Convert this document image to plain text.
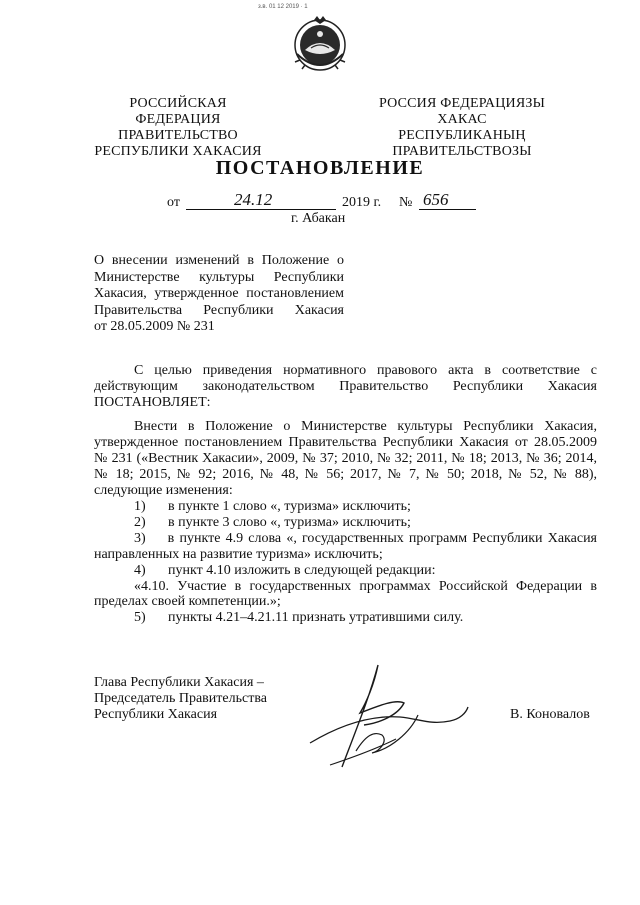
з.в. 01 12 2019 · 1
РОССИЙСКАЯ ФЕДЕРАЦИЯ
ПРАВИТЕЛЬСТВО
РЕСПУБЛИКИ ХАКАСИЯ
РОССИЯ ФЕДЕРАЦИЯЗЫ
ХАКАС РЕСПУБЛИКАНЫҢ
ПРАВИТЕЛЬСТВОЗЫ
ПОСТАНОВЛЕНИЕ
от	24.12	2019 г. № 656
г. Абакан
О внесении изменений в Положение о
Министерстве культуры Республики
Хакасия, утвержденное постановлением
Правительства Республики Хакасия
от 28.05.2009 № 231
С целью приведения нормативного правового акта в соответствие с действующим законодательством Правительство Республики Хакасия ПОСТАНОВЛЯЕТ:
Внести в Положение о Министерстве культуры Республики Хакасия, утвержденное постановлением Правительства Республики Хакасия от 28.05.2009 № 231 («Вестник Хакасии», 2009, № 37; 2010, № 32; 2011, № 18; 2013, № 36; 2014, № 18; 2015, № 92; 2016, № 48, № 56; 2017, № 7, № 50; 2018, № 52, № 88), следующие изменения:
1)	в пункте 1 слово «, туризма» исключить;
2)	в пункте 3 слово «, туризма» исключить;
3) в пункте 4.9 слова «, государственных программ Республики Хакасия направленных на развитие туризма» исключить;
4)	пункт 4.10 изложить в следующей редакции:
«4.10. Участие в государственных программах Российской Федерации в пределах своей компетенции.»;
5)	пункты 4.21–4.21.11 признать утратившими силу.
Глава Республики Хакасия –
Председатель Правительства
Республики Хакасия	В. Коновалов
